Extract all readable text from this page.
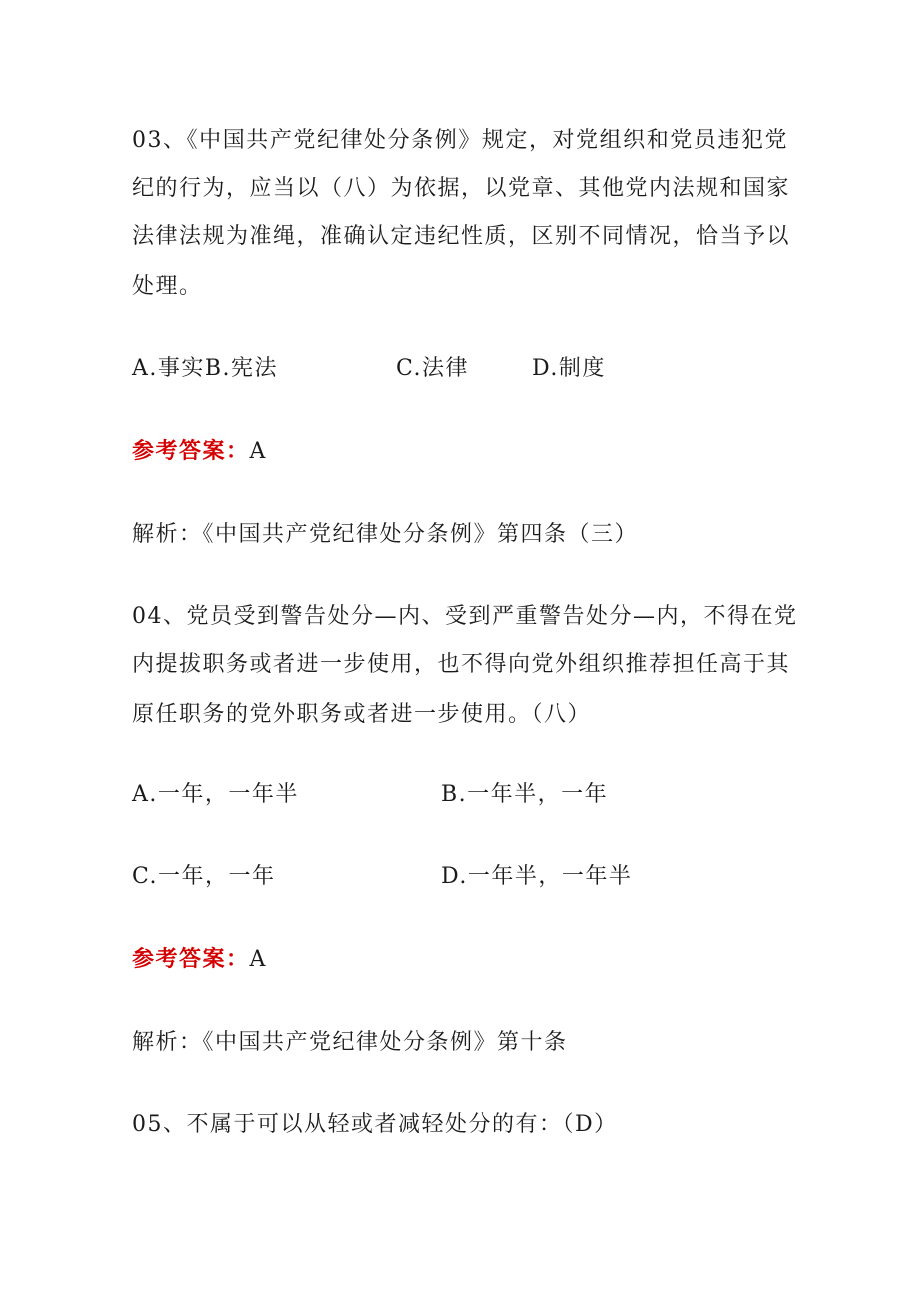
03、《中国共产党纪律处分条例》规定，对党组织和党员违犯党
纪的行为，应当以（八）为依据，以党章、其他党内法规和国家
法律法规为准绳，准确认定违纪性质，区别不同情况，恰当予以
处理。
A.事实B.宪法	C.法律	D.制度
参考答案：A
解析：《中国共产党纪律处分条例》第四条（三）
04、党员受到警告处分—内、受到严重警告处分—内，不得在党
内提拔职务或者进一步使用，也不得向党外组织推荐担任高于其
原任职务的党外职务或者进一步使用。（八）
A.一年，一年半	B.一年半，一年
C.一年，一年	D.一年半，一年半
参考答案：A
解析：《中国共产党纪律处分条例》第十条
05、不属于可以从轻或者减轻处分的有：（D）
